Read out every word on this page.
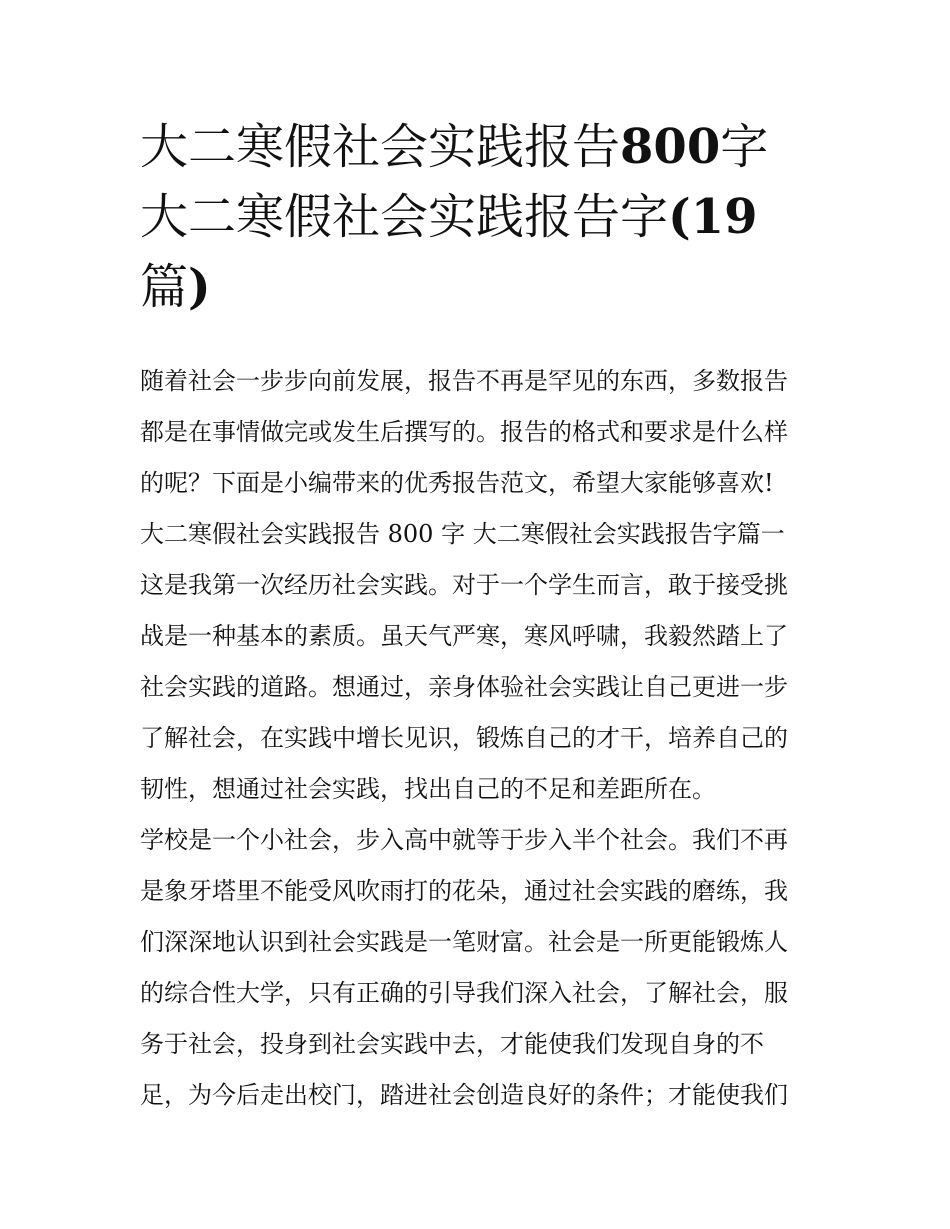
大二寒假社会实践报告800字
大二寒假社会实践报告字(19
篇)
随着社会一步步向前发展，报告不再是罕见的东西，多数报告
都是在事情做完或发生后撰写的。报告的格式和要求是什么样
的呢？下面是小编带来的优秀报告范文，希望大家能够喜欢!
大二寒假社会实践报告 800 字 大二寒假社会实践报告字篇一
这是我第一次经历社会实践。对于一个学生而言，敢于接受挑
战是一种基本的素质。虽天气严寒，寒风呼啸，我毅然踏上了
社会实践的道路。想通过，亲身体验社会实践让自己更进一步
了解社会，在实践中增长见识，锻炼自己的才干，培养自己的
韧性，想通过社会实践，找出自己的不足和差距所在。
学校是一个小社会，步入高中就等于步入半个社会。我们不再
是象牙塔里不能受风吹雨打的花朵，通过社会实践的磨练，我
们深深地认识到社会实践是一笔财富。社会是一所更能锻炼人
的综合性大学，只有正确的引导我们深入社会，了解社会，服
务于社会，投身到社会实践中去，才能使我们发现自身的不
足，为今后走出校门，踏进社会创造良好的条件；才能使我们
